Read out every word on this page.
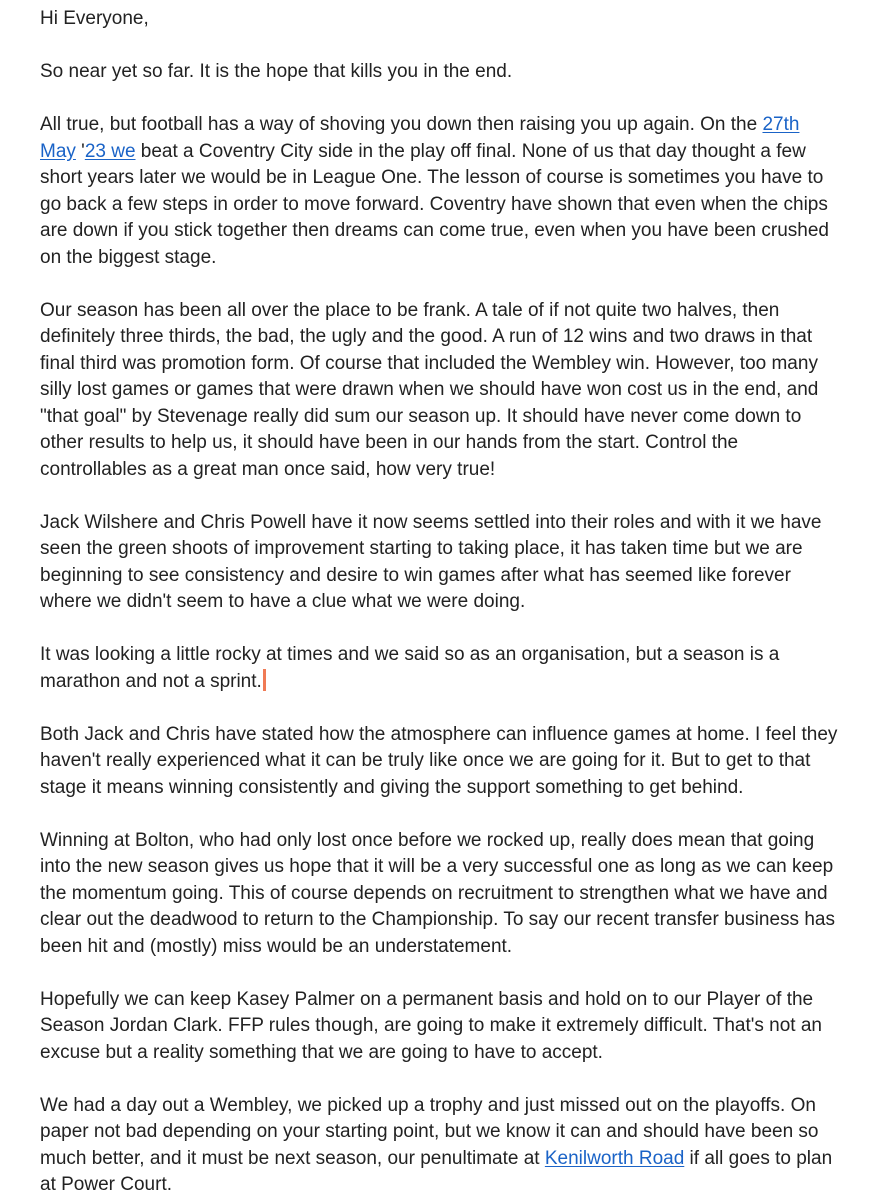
Hi Everyone,

So near yet so far. It is the hope that kills you in the end.

All true, but football has a way of shoving you down then raising you up again. On the 27th May '23 we beat a Coventry City side in the play off final. None of us that day thought a few short years later we would be in League One. The lesson of course is sometimes you have to go back a few steps in order to move forward. Coventry have shown that even when the chips are down if you stick together then dreams can come true, even when you have been crushed on the biggest stage.

Our season has been all over the place to be frank. A tale of if not quite two halves, then definitely three thirds, the bad, the ugly and the good. A run of 12 wins and two draws in that final third was promotion form. Of course that included the Wembley win. However, too many silly lost games or games that were drawn when we should have won cost us in the end, and "that goal" by Stevenage really did sum our season up. It should have never come down to other results to help us, it should have been in our hands from the start. Control the controllables as a great man once said, how very true!

Jack Wilshere and Chris Powell have it now seems settled into their roles and with it we have seen the green shoots of improvement starting to taking place, it has taken time but we are beginning to see consistency and desire to win games after what has seemed like forever where we didn't seem to have a clue what we were doing.

It was looking a little rocky at times and we said so as an organisation, but a season is a marathon and not a sprint.

Both Jack and Chris have stated how the atmosphere can influence games at home. I feel they haven't really experienced what it can be truly like once we are going for it. But to get to that stage it means winning consistently and giving the support something to get behind.

Winning at Bolton, who had only lost once before we rocked up, really does mean that going into the new season gives us hope that it will be a very successful one as long as we can keep the momentum going. This of course depends on recruitment to strengthen what we have and clear out the deadwood to return to the Championship. To say our recent transfer business has been hit and (mostly) miss would be an understatement.

Hopefully we can keep Kasey Palmer on a permanent basis and hold on to our Player of the Season Jordan Clark. FFP rules though, are going to make it extremely difficult. That's not an excuse but a reality something that we are going to have to accept.

We had a day out a Wembley, we picked up a trophy and just missed out on the playoffs. On paper not bad depending on your starting point, but we know it can and should have been so much better, and it must be next season, our penultimate at Kenilworth Road if all goes to plan at Power Court.
